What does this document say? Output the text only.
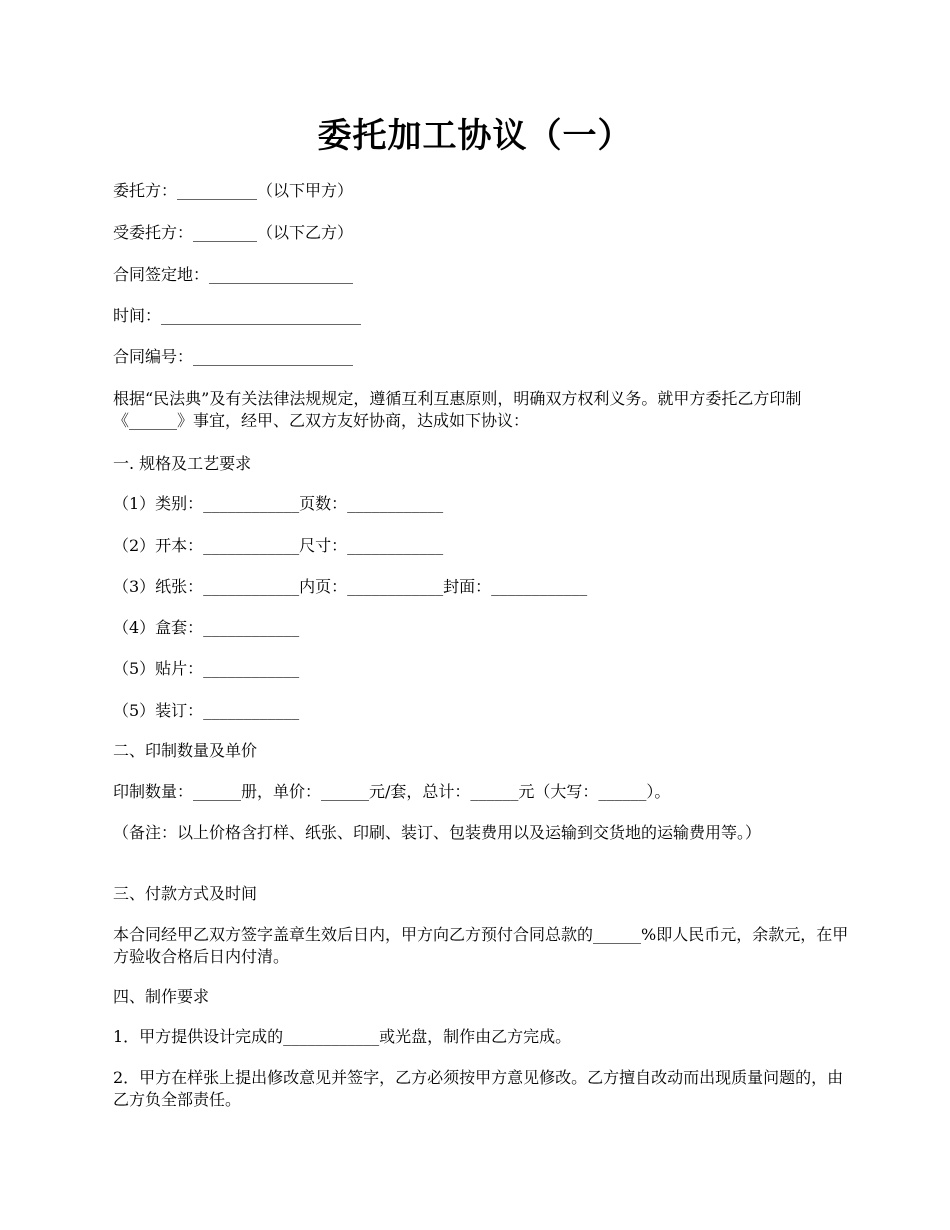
委托加工协议（一）
委托方：__________（以下甲方）
受委托方：________（以下乙方）
合同签定地：__________________
时间：_________________________
合同编号：____________________
根据“民法典”及有关法律法规规定，遵循互利互惠原则，明确双方权利义务。就甲方委托乙方印制《______》事宜，经甲、乙双方友好协商，达成如下协议：
一. 规格及工艺要求
（1）类别：____________页数：____________
（2）开本：____________尺寸：____________
（3）纸张：____________内页：____________封面：____________
（4）盒套：____________
（5）贴片：____________
（5）装订：____________
二、印制数量及单价
印制数量：______册，单价：______元/套，总计：______元（大写：______）。
（备注：以上价格含打样、纸张、印刷、装订、包装费用以及运输到交货地的运输费用等。）
三、付款方式及时间
本合同经甲乙双方签字盖章生效后日内，甲方向乙方预付合同总款的______%即人民币元，余款元，在甲方验收合格后日内付清。
四、制作要求
1．甲方提供设计完成的____________或光盘，制作由乙方完成。
2．甲方在样张上提出修改意见并签字，乙方必须按甲方意见修改。乙方擅自改动而出现质量问题的，由乙方负全部责任。
